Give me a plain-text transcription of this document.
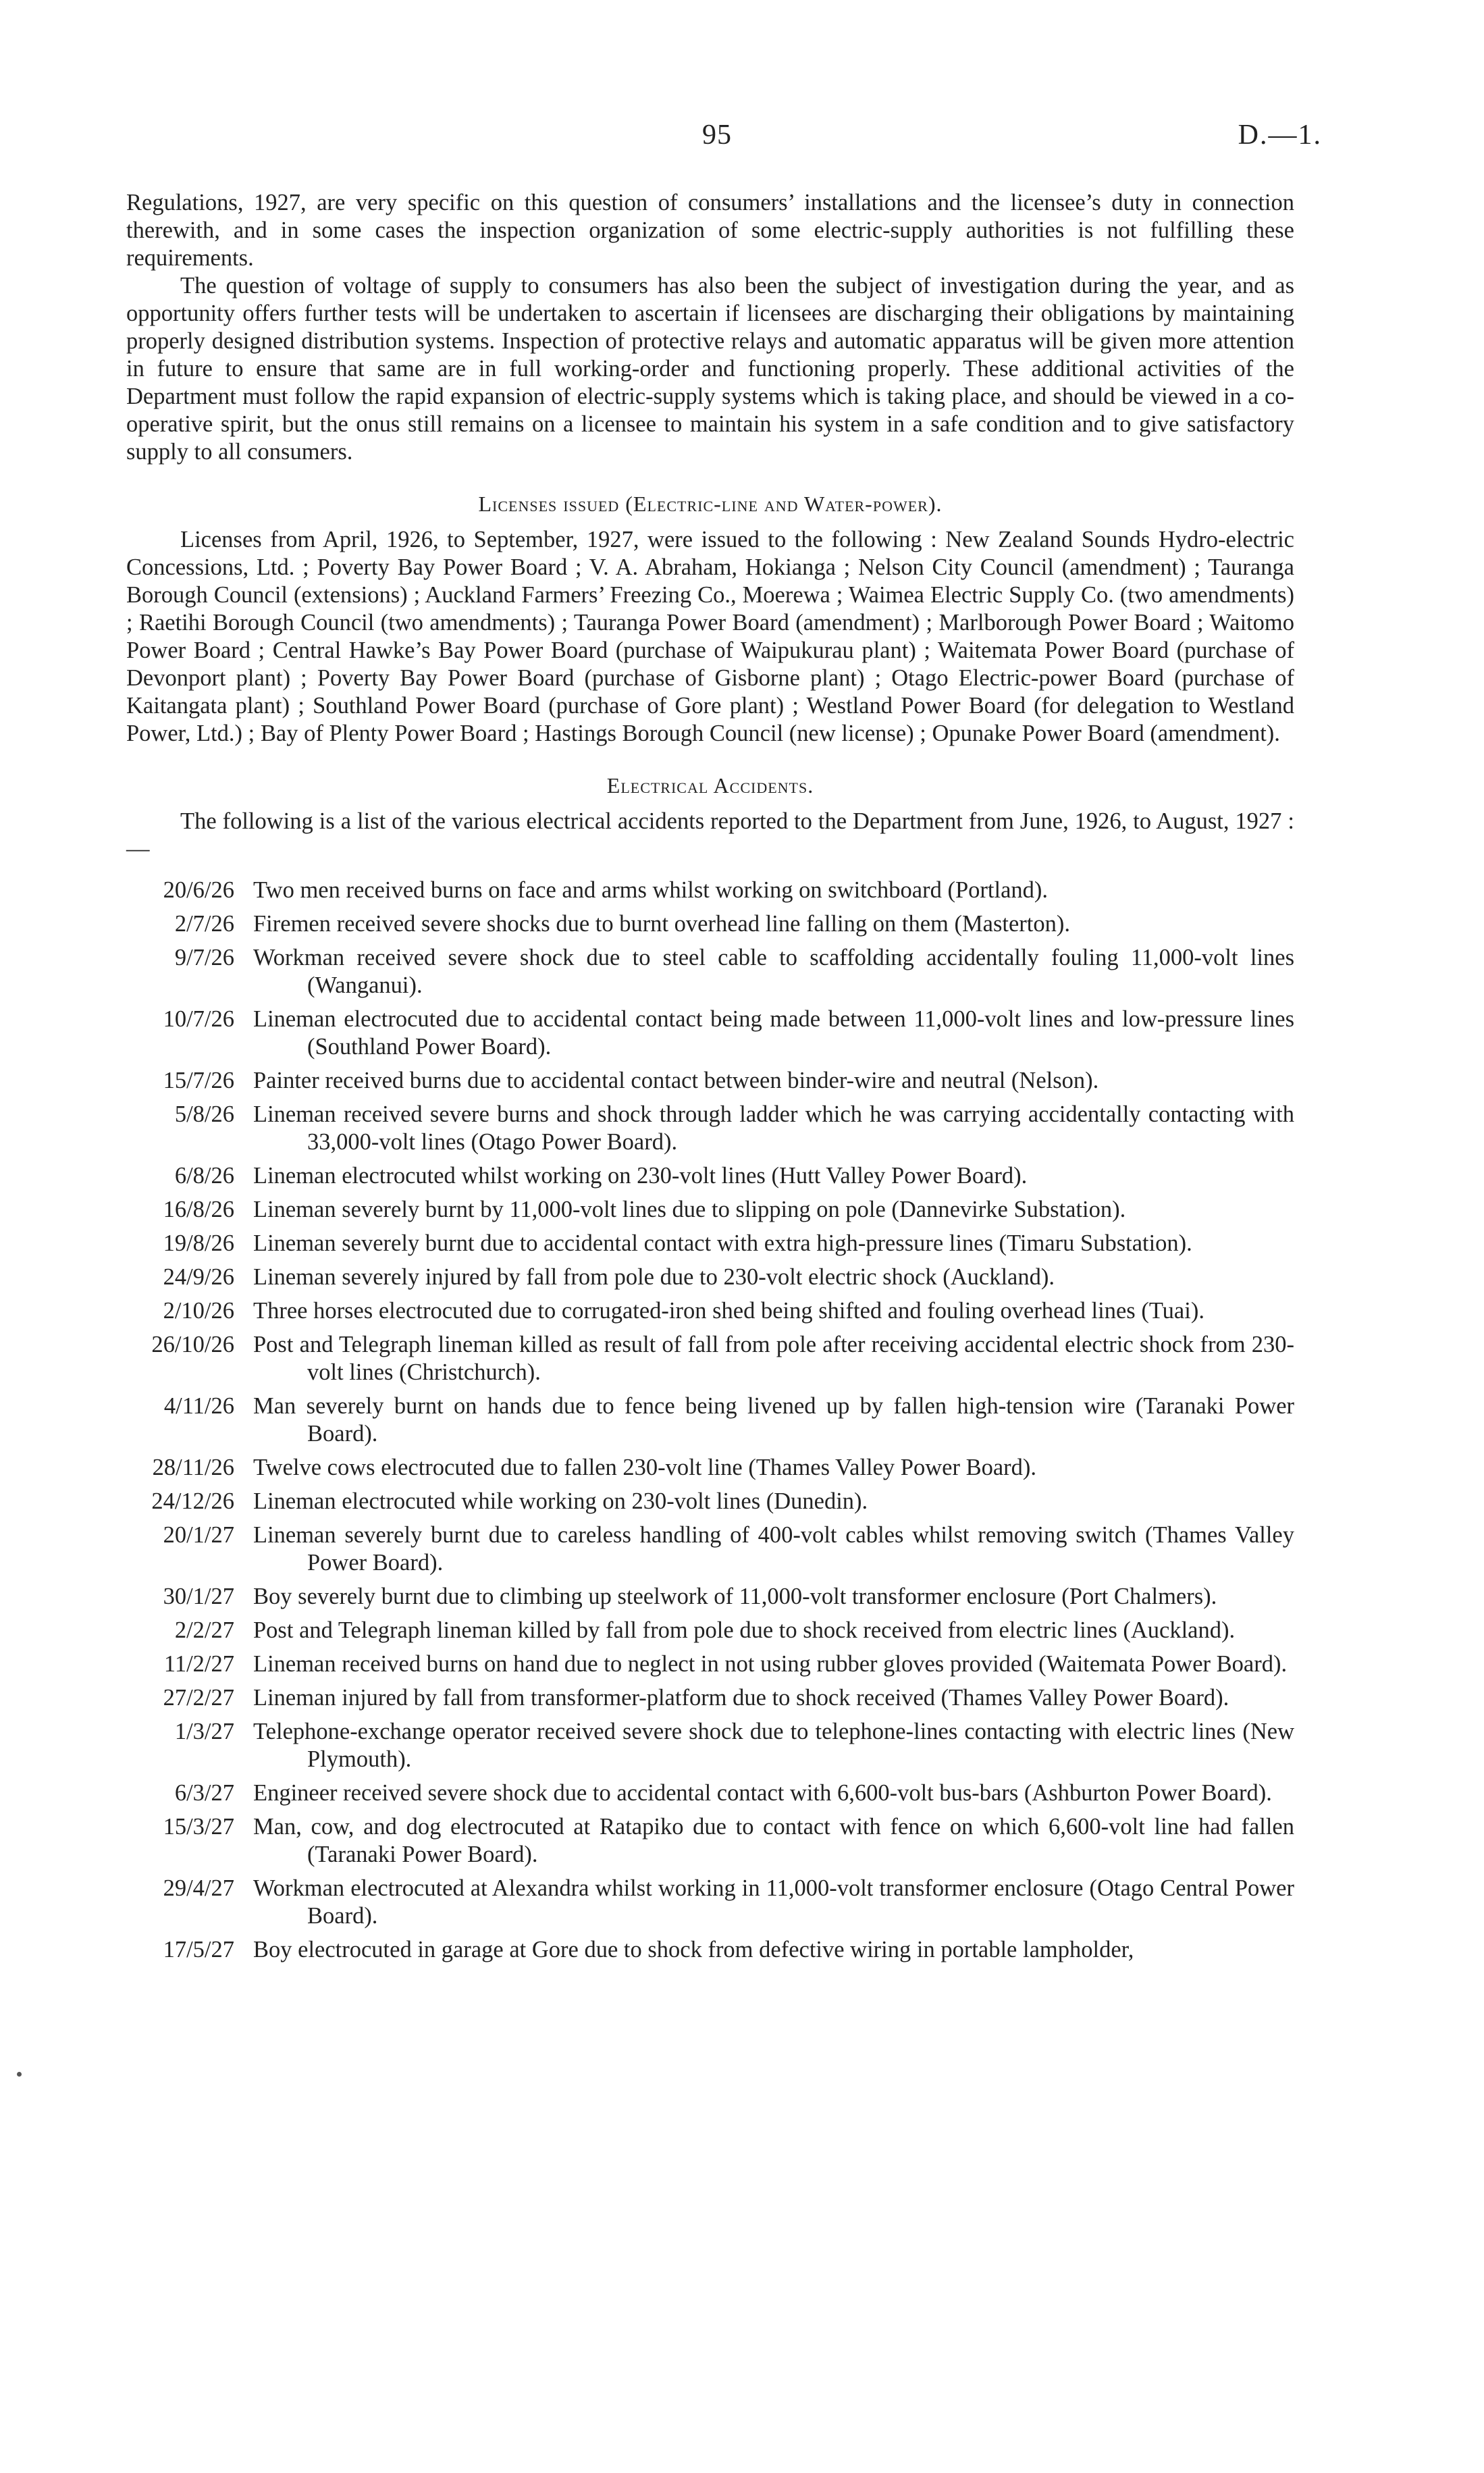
95	D.—1.

Regulations, 1927, are very specific on this question of consumers’ installations and the licensee’s duty in connection therewith, and in some cases the inspection organization of some electric-supply authorities is not fulfilling these requirements.

The question of voltage of supply to consumers has also been the subject of investigation during the year, and as opportunity offers further tests will be undertaken to ascertain if licensees are discharging their obligations by maintaining properly designed distribution systems. Inspection of protective relays and automatic apparatus will be given more attention in future to ensure that same are in full working-order and functioning properly. These additional activities of the Department must follow the rapid expansion of electric-supply systems which is taking place, and should be viewed in a co-operative spirit, but the onus still remains on a licensee to maintain his system in a safe condition and to give satisfactory supply to all consumers.

Licenses issued (Electric-line and Water-power).

Licenses from April, 1926, to September, 1927, were issued to the following : New Zealand Sounds Hydro-electric Concessions, Ltd. ; Poverty Bay Power Board ; V. A. Abraham, Hokianga ; Nelson City Council (amendment) ; Tauranga Borough Council (extensions) ; Auckland Farmers’ Freezing Co., Moerewa ; Waimea Electric Supply Co. (two amendments) ; Raetihi Borough Council (two amendments) ; Tauranga Power Board (amendment) ; Marlborough Power Board ; Waitomo Power Board ; Central Hawke’s Bay Power Board (purchase of Waipukurau plant) ; Waitemata Power Board (purchase of Devonport plant) ; Poverty Bay Power Board (purchase of Gisborne plant) ; Otago Electric-power Board (purchase of Kaitangata plant) ; Southland Power Board (purchase of Gore plant) ; Westland Power Board (for delegation to Westland Power, Ltd.) ; Bay of Plenty Power Board ; Hastings Borough Council (new license) ; Opunake Power Board (amendment).

Electrical Accidents.

The following is a list of the various electrical accidents reported to the Department from June, 1926, to August, 1927 :—

20/6/26 Two men received burns on face and arms whilst working on switchboard (Portland).
2/7/26 Firemen received severe shocks due to burnt overhead line falling on them (Masterton).
9/7/26 Workman received severe shock due to steel cable to scaffolding accidentally fouling 11,000-volt lines (Wanganui).
10/7/26 Lineman electrocuted due to accidental contact being made between 11,000-volt lines and low-pressure lines (Southland Power Board).
15/7/26 Painter received burns due to accidental contact between binder-wire and neutral (Nelson).
5/8/26 Lineman received severe burns and shock through ladder which he was carrying accidentally contacting with 33,000-volt lines (Otago Power Board).
6/8/26 Lineman electrocuted whilst working on 230-volt lines (Hutt Valley Power Board).
16/8/26 Lineman severely burnt by 11,000-volt lines due to slipping on pole (Dannevirke Substation).
19/8/26 Lineman severely burnt due to accidental contact with extra high-pressure lines (Timaru Substation).
24/9/26 Lineman severely injured by fall from pole due to 230-volt electric shock (Auckland).
2/10/26 Three horses electrocuted due to corrugated-iron shed being shifted and fouling overhead lines (Tuai).
26/10/26 Post and Telegraph lineman killed as result of fall from pole after receiving accidental electric shock from 230-volt lines (Christchurch).
4/11/26 Man severely burnt on hands due to fence being livened up by fallen high-tension wire (Taranaki Power Board).
28/11/26 Twelve cows electrocuted due to fallen 230-volt line (Thames Valley Power Board).
24/12/26 Lineman electrocuted while working on 230-volt lines (Dunedin).
20/1/27 Lineman severely burnt due to careless handling of 400-volt cables whilst removing switch (Thames Valley Power Board).
30/1/27 Boy severely burnt due to climbing up steelwork of 11,000-volt transformer enclosure (Port Chalmers).
2/2/27 Post and Telegraph lineman killed by fall from pole due to shock received from electric lines (Auckland).
11/2/27 Lineman received burns on hand due to neglect in not using rubber gloves provided (Waitemata Power Board).
27/2/27 Lineman injured by fall from transformer-platform due to shock received (Thames Valley Power Board).
1/3/27 Telephone-exchange operator received severe shock due to telephone-lines contacting with electric lines (New Plymouth).
6/3/27 Engineer received severe shock due to accidental contact with 6,600-volt bus-bars (Ashburton Power Board).
15/3/27 Man, cow, and dog electrocuted at Ratapiko due to contact with fence on which 6,600-volt line had fallen (Taranaki Power Board).
29/4/27 Workman electrocuted at Alexandra whilst working in 11,000-volt transformer enclosure (Otago Central Power Board).
17/5/27 Boy electrocuted in garage at Gore due to shock from defective wiring in portable lampholder,
